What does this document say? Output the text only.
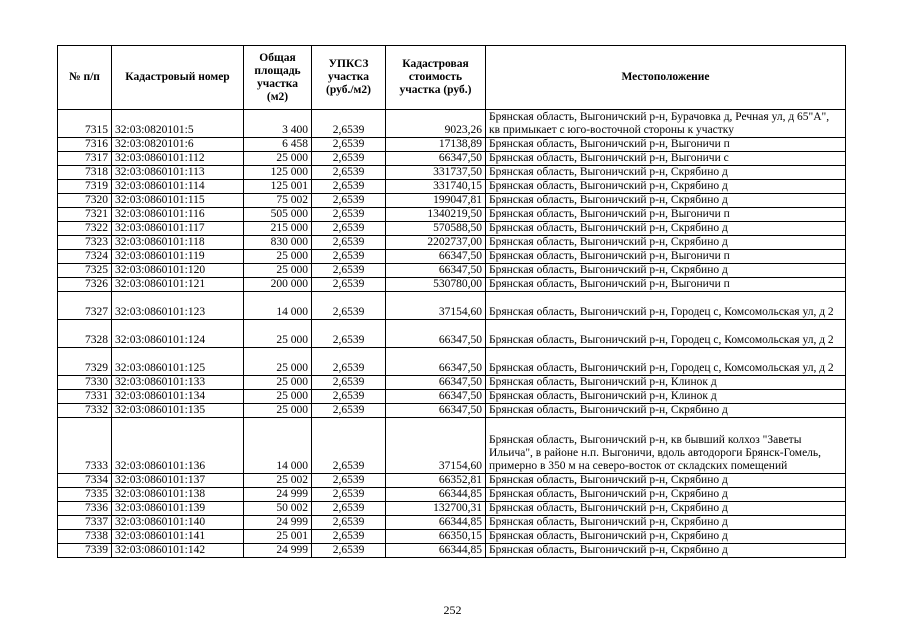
№ п/п	Кадастровый номер	Общая площадь участка (м2)	УПКСЗ участка (руб./м2)	Кадастровая стоимость участка (руб.)	Местоположение
7315	32:03:0820101:5	3 400	2,6539	9023,26	Брянская область, Выгоничский р-н, Бурачовка д, Речная ул, д 65"А", кв примыкает с юго-восточной стороны к участку
7316	32:03:0820101:6	6 458	2,6539	17138,89	Брянская область, Выгоничский р-н, Выгоничи п
7317	32:03:0860101:112	25 000	2,6539	66347,50	Брянская область, Выгоничский р-н, Выгоничи с
7318	32:03:0860101:113	125 000	2,6539	331737,50	Брянская область, Выгоничский р-н, Скрябино д
7319	32:03:0860101:114	125 001	2,6539	331740,15	Брянская область, Выгоничский р-н, Скрябино д
7320	32:03:0860101:115	75 002	2,6539	199047,81	Брянская область, Выгоничский р-н, Скрябино д
7321	32:03:0860101:116	505 000	2,6539	1340219,50	Брянская область, Выгоничский р-н, Выгоничи п
7322	32:03:0860101:117	215 000	2,6539	570588,50	Брянская область, Выгоничский р-н, Скрябино д
7323	32:03:0860101:118	830 000	2,6539	2202737,00	Брянская область, Выгоничский р-н, Скрябино д
7324	32:03:0860101:119	25 000	2,6539	66347,50	Брянская область, Выгоничский р-н, Выгоничи п
7325	32:03:0860101:120	25 000	2,6539	66347,50	Брянская область, Выгоничский р-н, Скрябино д
7326	32:03:0860101:121	200 000	2,6539	530780,00	Брянская область, Выгоничский р-н, Выгоничи п
7327	32:03:0860101:123	14 000	2,6539	37154,60	Брянская область, Выгоничский р-н, Городец с, Комсомольская ул, д 2
7328	32:03:0860101:124	25 000	2,6539	66347,50	Брянская область, Выгоничский р-н, Городец с, Комсомольская ул, д 2
7329	32:03:0860101:125	25 000	2,6539	66347,50	Брянская область, Выгоничский р-н, Городец с, Комсомольская ул, д 2
7330	32:03:0860101:133	25 000	2,6539	66347,50	Брянская область, Выгоничский р-н, Клинок д
7331	32:03:0860101:134	25 000	2,6539	66347,50	Брянская область, Выгоничский р-н, Клинок д
7332	32:03:0860101:135	25 000	2,6539	66347,50	Брянская область, Выгоничский р-н, Скрябино д
7333	32:03:0860101:136	14 000	2,6539	37154,60	Брянская область, Выгоничский р-н, кв бывший колхоз "Заветы Ильича", в районе н.п. Выгоничи, вдоль автодороги Брянск-Гомель, примерно в 350 м на северо-восток от складских помещений
7334	32:03:0860101:137	25 002	2,6539	66352,81	Брянская область, Выгоничский р-н, Скрябино д
7335	32:03:0860101:138	24 999	2,6539	66344,85	Брянская область, Выгоничский р-н, Скрябино д
7336	32:03:0860101:139	50 002	2,6539	132700,31	Брянская область, Выгоничский р-н, Скрябино д
7337	32:03:0860101:140	24 999	2,6539	66344,85	Брянская область, Выгоничский р-н, Скрябино д
7338	32:03:0860101:141	25 001	2,6539	66350,15	Брянская область, Выгоничский р-н, Скрябино д
7339	32:03:0860101:142	24 999	2,6539	66344,85	Брянская область, Выгоничский р-н, Скрябино д
252
